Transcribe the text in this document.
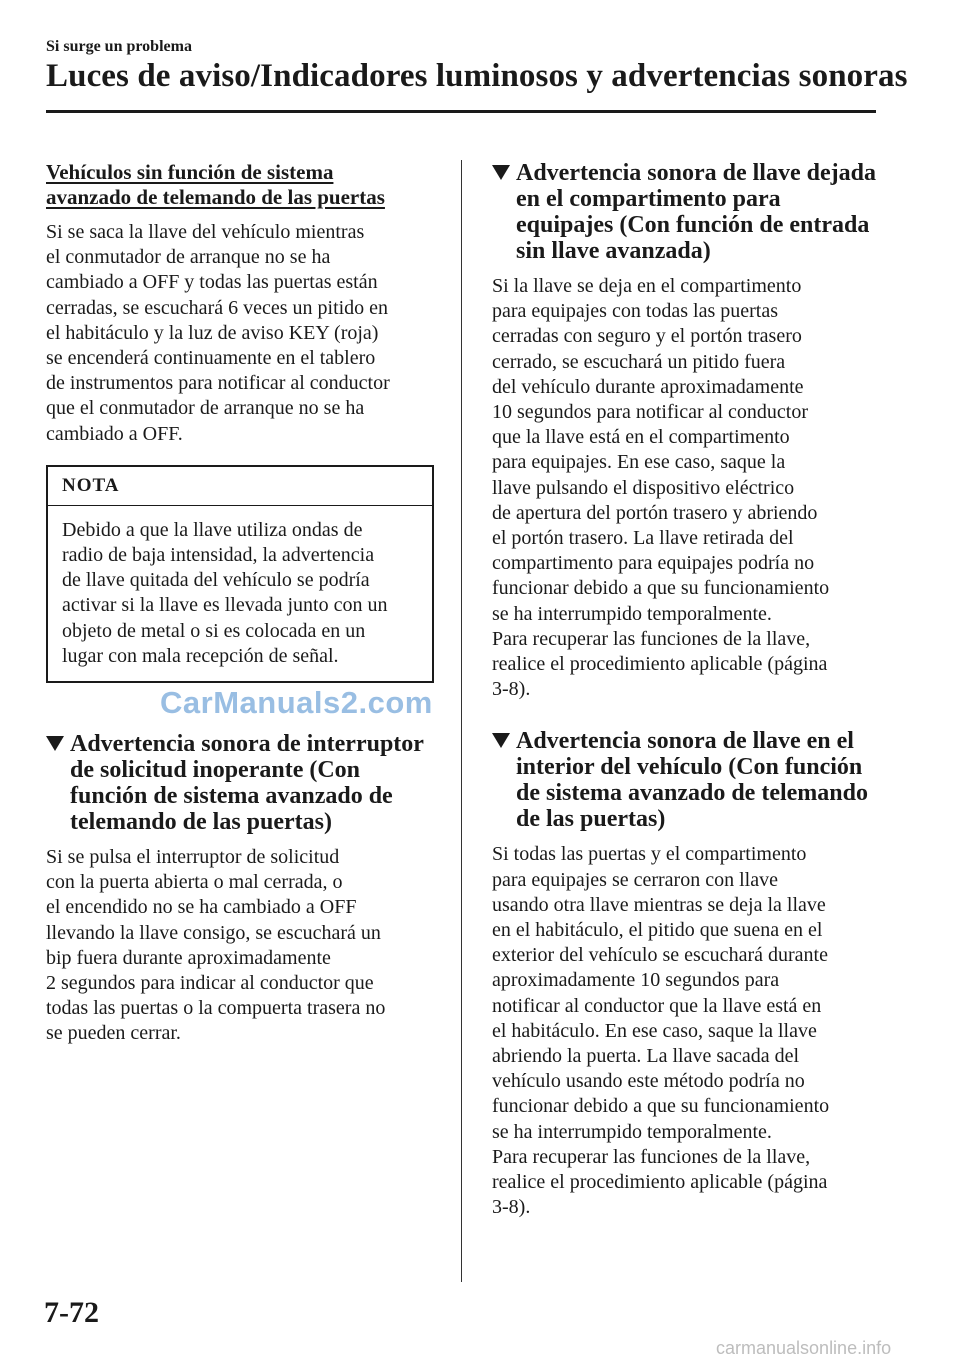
Si surge un problema
Luces de aviso/Indicadores luminosos y advertencias sonoras
Vehículos sin función de sistema
avanzado de telemando de las puertas
Si se saca la llave del vehículo mientras
el conmutador de arranque no se ha
cambiado a OFF y todas las puertas están
cerradas, se escuchará 6 veces un pitido en
el habitáculo y la luz de aviso KEY (roja)
se encenderá continuamente en el tablero
de instrumentos para notificar al conductor
que el conmutador de arranque no se ha
cambiado a OFF.
NOTA
Debido a que la llave utiliza ondas de
radio de baja intensidad, la advertencia
de llave quitada del vehículo se podría
activar si la llave es llevada junto con un
objeto de metal o si es colocada en un
lugar con mala recepción de señal.
Advertencia sonora de interruptor
de solicitud inoperante (Con
función de sistema avanzado de
telemando de las puertas)
Si se pulsa el interruptor de solicitud
con la puerta abierta o mal cerrada, o
el encendido no se ha cambiado a OFF
llevando la llave consigo, se escuchará un
bip fuera durante aproximadamente
2 segundos para indicar al conductor que
todas las puertas o la compuerta trasera no
se pueden cerrar.
Advertencia sonora de llave dejada
en el compartimento para
equipajes (Con función de entrada
sin llave avanzada)
Si la llave se deja en el compartimento
para equipajes con todas las puertas
cerradas con seguro y el portón trasero
cerrado, se escuchará un pitido fuera
del vehículo durante aproximadamente
10 segundos para notificar al conductor
que la llave está en el compartimento
para equipajes. En ese caso, saque la
llave pulsando el dispositivo eléctrico
de apertura del portón trasero y abriendo
el portón trasero. La llave retirada del
compartimento para equipajes podría no
funcionar debido a que su funcionamiento
se ha interrumpido temporalmente.
Para recuperar las funciones de la llave,
realice el procedimiento aplicable (página
3-8).
Advertencia sonora de llave en el
interior del vehículo (Con función
de sistema avanzado de telemando
de las puertas)
Si todas las puertas y el compartimento
para equipajes se cerraron con llave
usando otra llave mientras se deja la llave
en el habitáculo, el pitido que suena en el
exterior del vehículo se escuchará durante
aproximadamente 10 segundos para
notificar al conductor que la llave está en
el habitáculo. En ese caso, saque la llave
abriendo la puerta. La llave sacada del
vehículo usando este método podría no
funcionar debido a que su funcionamiento
se ha interrumpido temporalmente.
Para recuperar las funciones de la llave,
realice el procedimiento aplicable (página
3-8).
CarManuals2.com
7-72
carmanualsonline.info
